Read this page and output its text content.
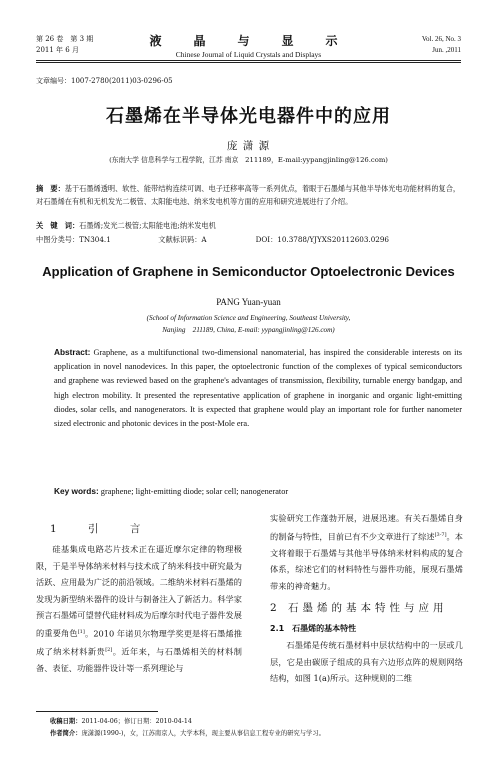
第 26 卷　第 3 期
2011 年 6 月
液　晶　与　显　示
Chinese Journal of Liquid Crystals and Displays
Vol. 26, No. 3
Jun. ,2011
文章编号：1007-2780(2011)03-0296-05
石墨烯在半导体光电器件中的应用
庞 潇 源
(东南大学 信息科学与工程学院，江苏 南京　211189，E-mail:yypangjinling@126.com)
摘　要：基于石墨烯透明、软性、能带结构连续可调、电子迁移率高等一系列优点，着眼于石墨烯与其他半导体光电功能材料的复合，对石墨烯在有机和无机发光二极管、太阳能电池、纳米发电机等方面的应用和研究进展进行了介绍。
关　键　词：石墨烯;发光二极管;太阳能电池;纳米发电机
中图分类号：TN304.1	文献标识码：A	DOI：10.3788/YJYXS20112603.0296
Application of Graphene in Semiconductor Optoelectronic Devices
PANG Yuan-yuan
(School of Information Science and Engineering, Southeast University,
Nanjing　211189, China, E-mail: yypangjinling@126.com)
Abstract: Graphene, as a multifunctional two-dimensional nanomaterial, has inspired the considerable interests on its application in novel nanodevices. In this paper, the optoelectronic function of the complexes of typical semiconductors and graphene was reviewed based on the graphene's advantages of transmission, flexibility, turnable energy bandgap, and high electron mobility. It presented the representative application of graphene in inorganic and organic light-emitting diodes, solar cells, and nanogenerators. It is expected that graphene would play an important role for further nanometer sized electronic and photonic devices in the post-Mole era.
Key words: graphene; light-emitting diode; solar cell; nanogenerator
1 引 言
硅基集成电路芯片技术正在逼近摩尔定律的物理极限，于是半导体纳米材料与技术成了纳米科技中研究最为活跃、应用最为广泛的前沿领域。二维纳米材料石墨烯的发现为新型纳米器件的设计与制备注入了新活力。科学家预言石墨烯可望替代硅材料成为后摩尔时代电子器件发展的重要角色[1]。2010 年诺贝尔物理学奖更是将石墨烯推成了纳米材料新贵[2]。近年来，与石墨烯相关的材料制备、表征、功能器件设计等一系列理论与
实验研究工作蓬勃开展，进展迅速。有关石墨烯自身的制备与特性，目前已有不少文章进行了综述[3-7]。本文将着眼于石墨烯与其他半导体纳米材料构成的复合体系，综述它们的材料特性与器件功能，展现石墨烯带来的神奇魅力。
2 石墨烯的基本特性与应用
2.1　石墨烯的基本特性
石墨烯是传统石墨材料中层状结构中的一层或几层，它是由碳原子组成的具有六边形点阵的规则网络结构，如图 1(a)所示。这种规则的二维
收稿日期：2011-04-06；修订日期：2010-04-14
作者简介：庞潇源(1990-)，女，江苏南京人，大学本科，现主要从事信息工程专业的研究与学习。
